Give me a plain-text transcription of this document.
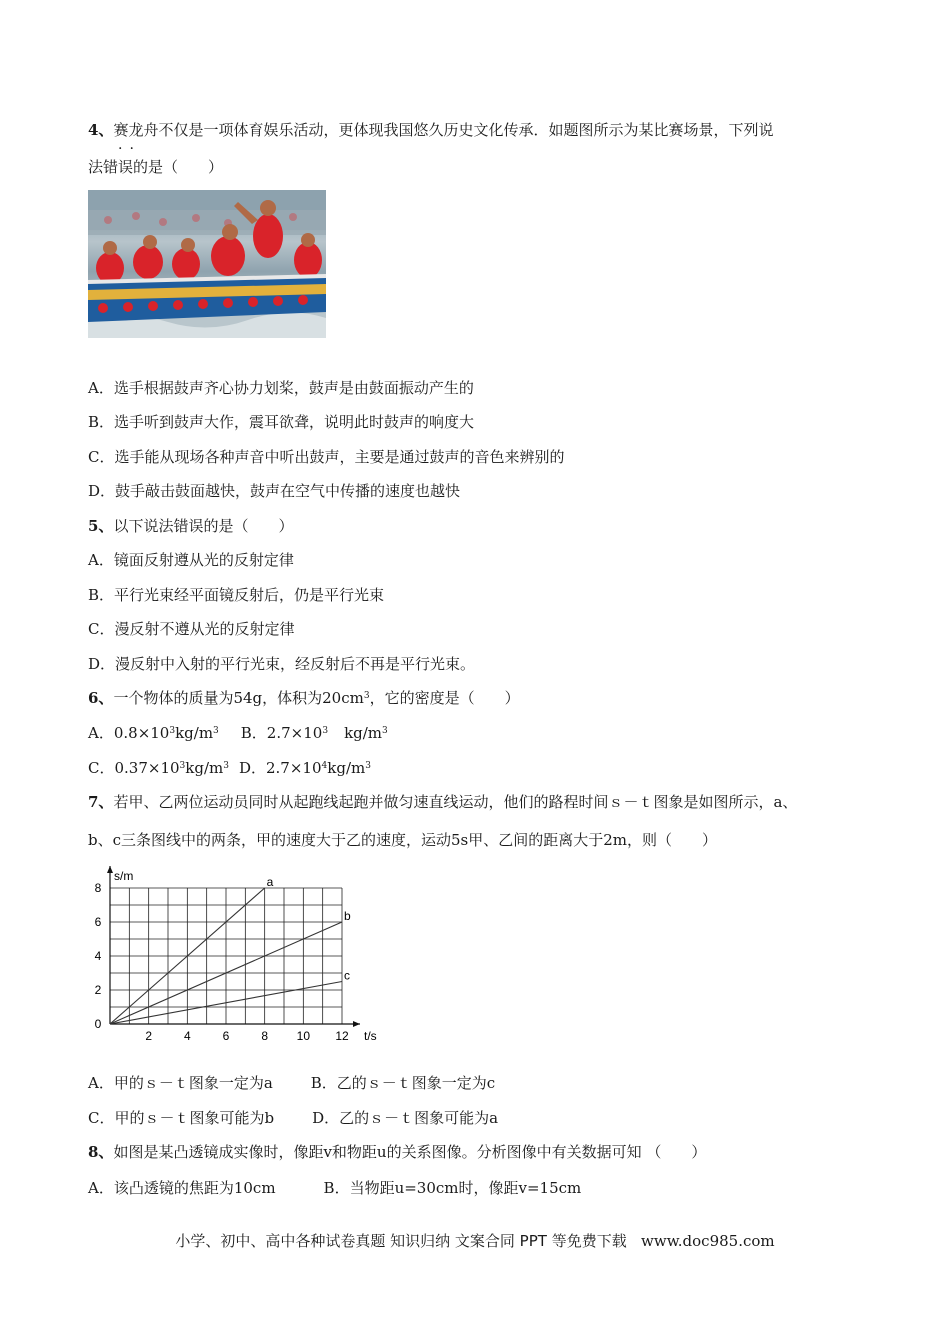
4、赛龙舟不仅是一项体育娱乐活动，更体现我国悠久历史文化传承．如题图所示为某比赛场景，下列说
..
法错误的是（　　）
A．选手根据鼓声齐心协力划桨，鼓声是由鼓面振动产生的
B．选手听到鼓声大作，震耳欲聋，说明此时鼓声的响度大
C．选手能从现场各种声音中听出鼓声，主要是通过鼓声的音色来辨别的
D．鼓手敲击鼓面越快，鼓声在空气中传播的速度也越快
5、以下说法错误的是（　　）
A．镜面反射遵从光的反射定律
B．平行光束经平面镜反射后，仍是平行光束
C．漫反射不遵从光的反射定律
D．漫反射中入射的平行光束，经反射后不再是平行光束。
6、一个物体的质量为54g，体积为$20cm^3$，它的密度是（　　）
A．$0.8\times 10^3kg/m^3$ B．$2.7\times 10^3$ $kg/m^3$
C．$0.37\times 10^3kg/m^3$ D．$2.7\times 10^4kg/m^3$
7、若甲、乙两位运动员同时从起跑线起跑并做匀速直线运动，他们的路程时间ｓ－ｔ图象是如图所示，a、
b、c三条图线中的两条，甲的速度大于乙的速度，运动5s甲、乙间的距离大于2m，则（　　）
2	4	6	8 10 12
0
2
4
6
8
s/m
t/s
a
b
c
A．甲的ｓ－ｔ图象一定为a	B．乙的ｓ－ｔ图象一定为c
C．甲的ｓ－ｔ图象可能为b	D．乙的ｓ－ｔ图象可能为a
8、如图是某凸透镜成实像时，像距v和物距u的关系图像。分析图像中有关数据可知 （　　）
A．该凸透镜的焦距为10cm	B．当物距u=30cm时，像距v=15cm
小学、初中、高中各种试卷真题 知识归纳 文案合同 PPT 等免费下载 www.doc985.com
